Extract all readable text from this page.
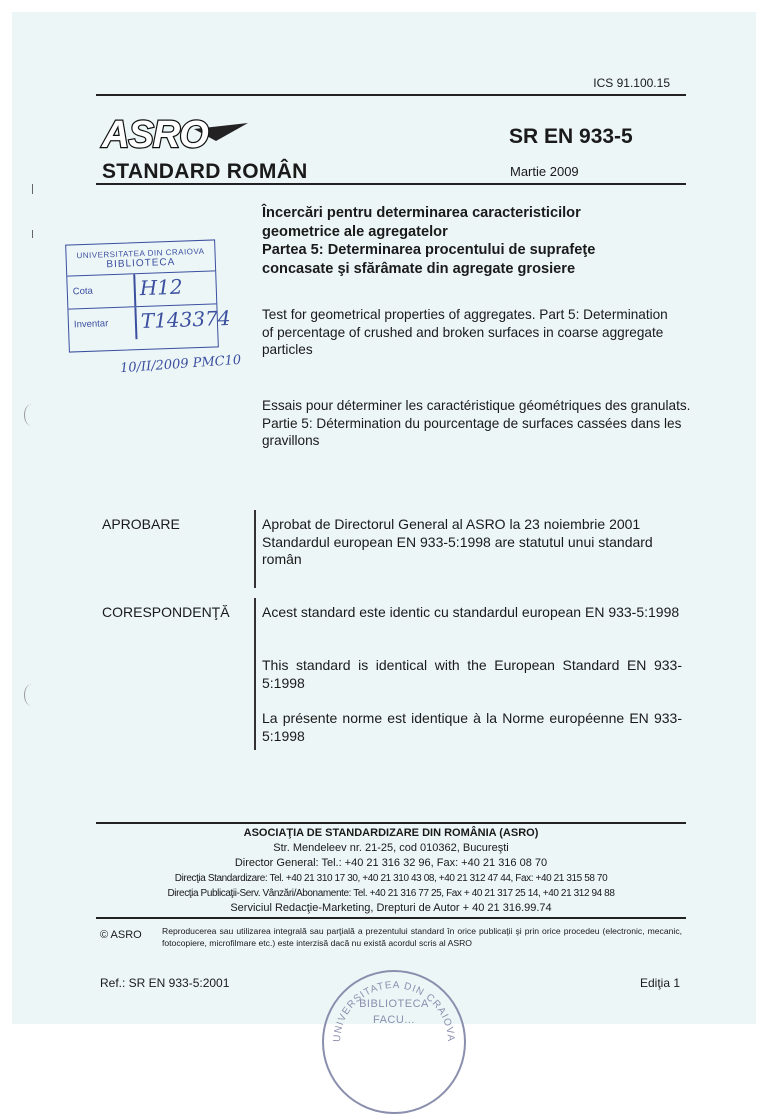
ICS 91.100.15
ASRO
STANDARD ROMÂN
SR EN 933-5
Martie 2009
Încercări pentru determinarea caracteristicilor
geometrice ale agregatelor
Partea 5: Determinarea procentului de suprafeţe
concasate şi sfărâmate din agregate grosiere
Test for geometrical properties of aggregates. Part 5: Determination of percentage of crushed and broken surfaces in coarse aggregate particles
Essais pour déterminer les caractéristique géométriques des granulats. Partie 5: Détermination du pourcentage de surfaces cassées dans les gravillons
UNIVERSITATEA DIN CRAIOVA
BIBLIOTECA
Cota H12
Inventar T143374
10/II/2009 PMC10
APROBARE	Aprobat de Directorul General al ASRO la 23 noiembrie 2001
Standardul european EN 933-5:1998 are statutul unui standard român
CORESPONDENŢĂ Acest standard este identic cu standardul european EN 933-5:1998
This standard is identical with the European Standard EN 933-5:1998
La présente norme est identique à la Norme européenne EN 933-5:1998
ASOCIAŢIA DE STANDARDIZARE DIN ROMÂNIA (ASRO)
Str. Mendeleev nr. 21-25, cod 010362, Bucureşti
Director General: Tel.: +40 21 316 32 96, Fax: +40 21 316 08 70
Direcţia Standardizare: Tel. +40 21 310 17 30, +40 21 310 43 08, +40 21 312 47 44, Fax: +40 21 315 58 70
Direcţia Publicaţii-Serv. Vânzări/Abonamente: Tel. +40 21 316 77 25, Fax + 40 21 317 25 14, +40 21 312 94 88
Serviciul Redacţie-Marketing, Drepturi de Autor + 40 21 316.99.74
© ASRO Reproducerea sau utilizarea integrală sau parţială a prezentului standard în orice publicaţii şi prin orice procedeu (electronic, mecanic, fotocopiere, microfilmare etc.) este interzisă dacă nu există acordul scris al ASRO
Ref.: SR EN 933-5:2001	Ediţia 1
UNIVERSITATEA DIN CRAIOVA
BIBLIOTECA
FACU...
